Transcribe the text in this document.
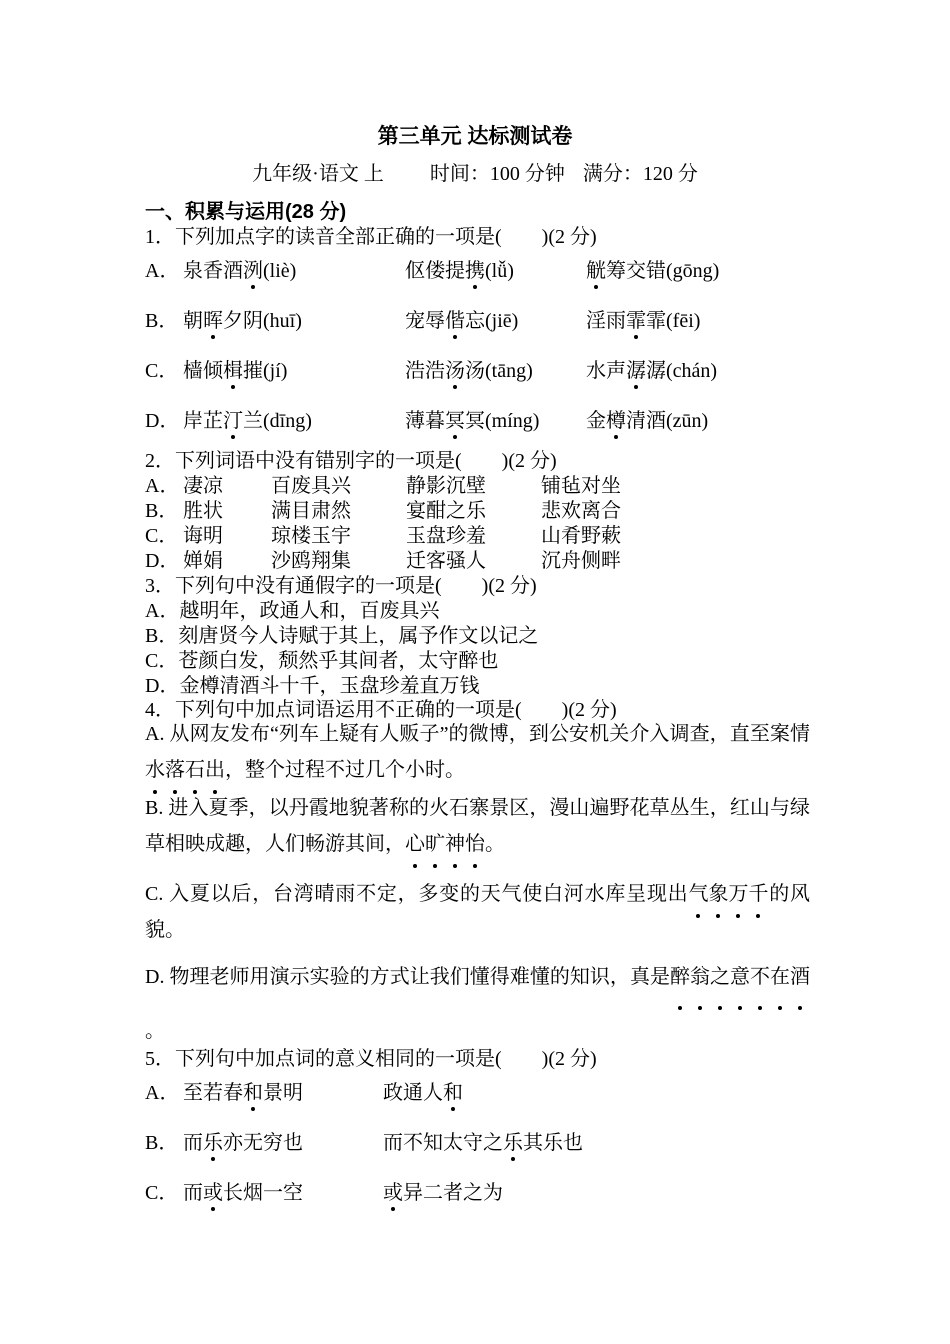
第三单元 达标测试卷
九年级·语文 上 时间：100 分钟 满分：120 分
一、积累与运用(28 分)
1．下列加点字的读音全部正确的一项是(　　)(2 分)
A． 泉香酒洌(liè)	伛偻提携(lǚ)	觥筹交错(gōng)
B． 朝晖夕阴(huī)	宠辱偕忘(jiē)	淫雨霏霏(fēi)
C． 樯倾楫摧(jí)	浩浩汤汤(tāng)	水声潺潺(chán)
D． 岸芷汀兰(dīng)	薄暮冥冥(míng) 金樽清酒(zūn)
2．下列词语中没有错别字的一项是(　　)(2 分)
A． 凄凉 百废具兴	静影沉壁	铺毡对坐
B． 胜状 满目肃然	宴酣之乐	悲欢离合
C． 诲明 琼楼玉宇	玉盘珍羞	山肴野蔌
D． 婵娟 沙鸥翔集	迁客骚人	沉舟侧畔
3．下列句中没有通假字的一项是(　　)(2 分)
A．越明年，政通人和，百废具兴
B．刻唐贤今人诗赋于其上，属予作文以记之
C．苍颜白发，颓然乎其间者，太守醉也
D．金樽清酒斗十千，玉盘珍羞直万钱
4．下列句中加点词语运用不正确的一项是(　　)(2 分)
A. 从网友发布“列车上疑有人贩子”的微博，到公安机关介入调查，直至案情水落石出，整个过程不过几个小时。
B. 进入夏季，以丹霞地貌著称的火石寨景区，漫山遍野花草丛生，红山与绿草相映成趣，人们畅游其间，心旷神怡。
C. 入夏以后，台湾晴雨不定，多变的天气使白河水库呈现出气象万千的风貌。
D. 物理老师用演示实验的方式让我们懂得难懂的知识，真是醉翁之意不在酒。
5．下列句中加点词的意义相同的一项是(　　)(2 分)
A． 至若春和景明	政通人和
B． 而乐亦无穷也	而不知太守之乐其乐也
C． 而或长烟一空	或异二者之为
